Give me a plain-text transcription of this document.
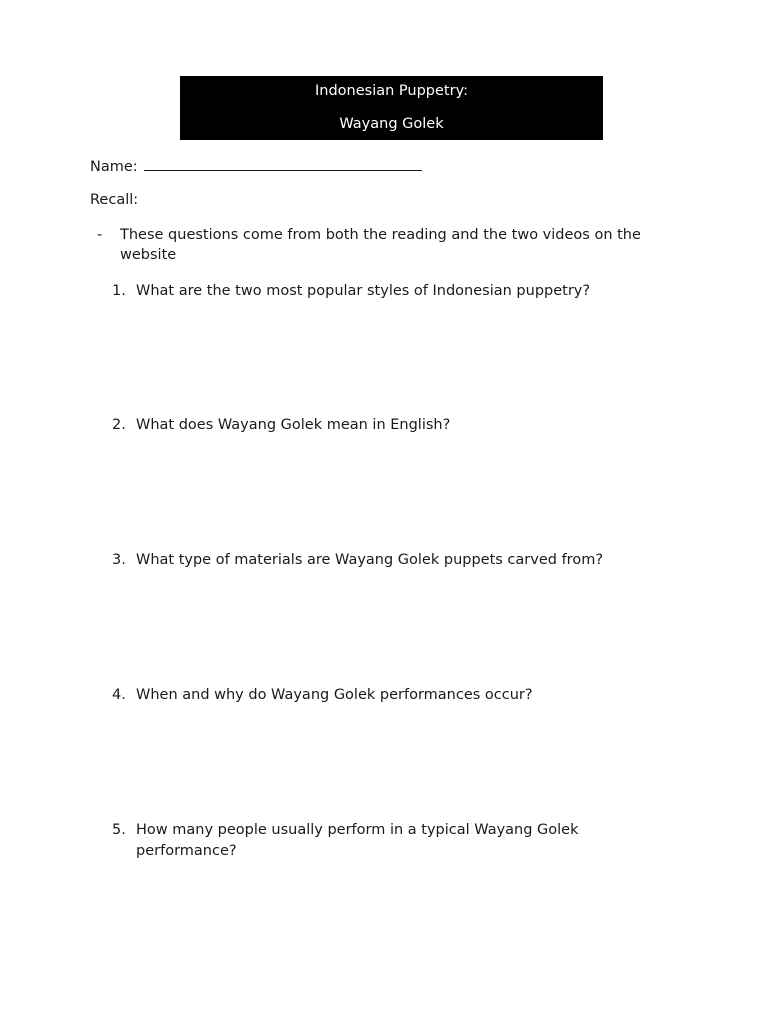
Indonesian Puppetry:
Wayang Golek
Name:
Recall:
- These questions come from both the reading and the two videos on the website
1. What are the two most popular styles of Indonesian puppetry?
2. What does Wayang Golek mean in English?
3. What type of materials are Wayang Golek puppets carved from?
4. When and why do Wayang Golek performances occur?
5. How many people usually perform in a typical Wayang Golek performance?
